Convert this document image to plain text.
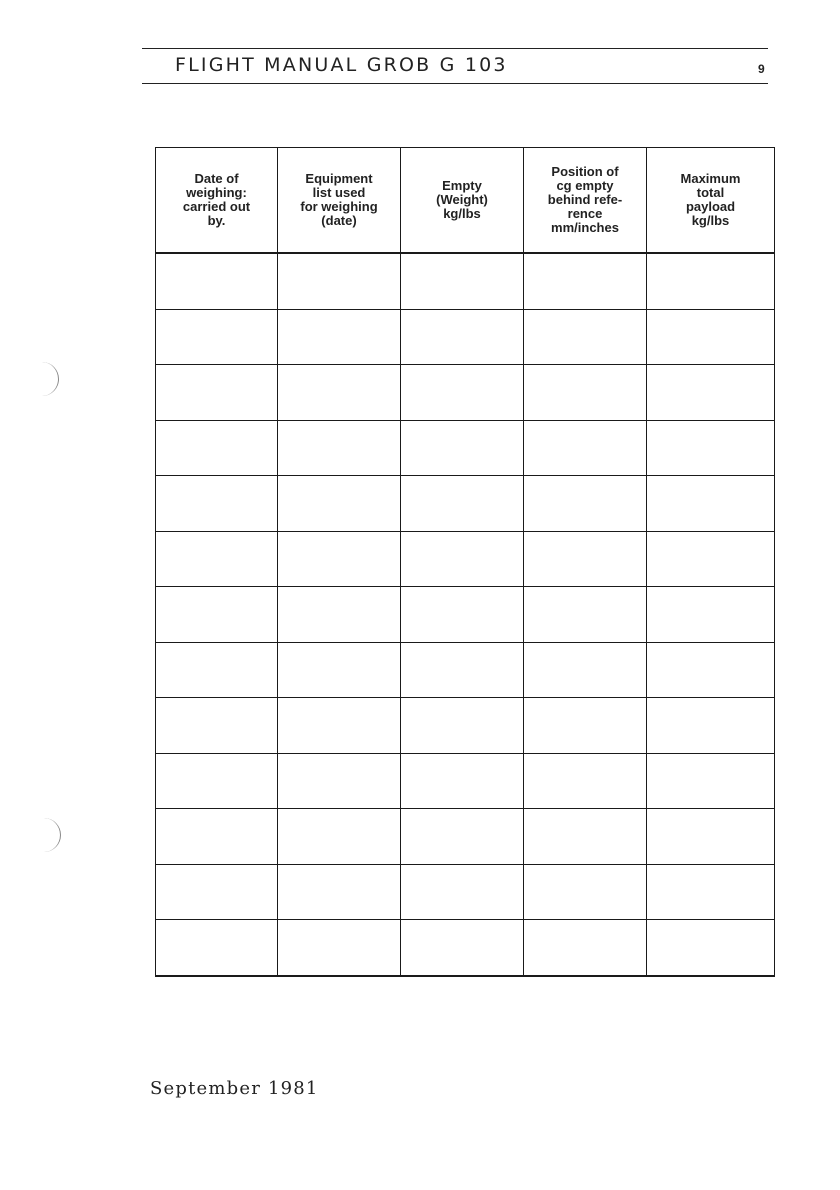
FLIGHT MANUAL GROB G 103	9
Date of
weighing:
carried out
by.	Equipment
list used
for weighing
(date)	Empty
(Weight)
kg/lbs	Position of
cg empty
behind refe-
rence
mm/inches	Maximum
total
payload
kg/lbs

September 1981
